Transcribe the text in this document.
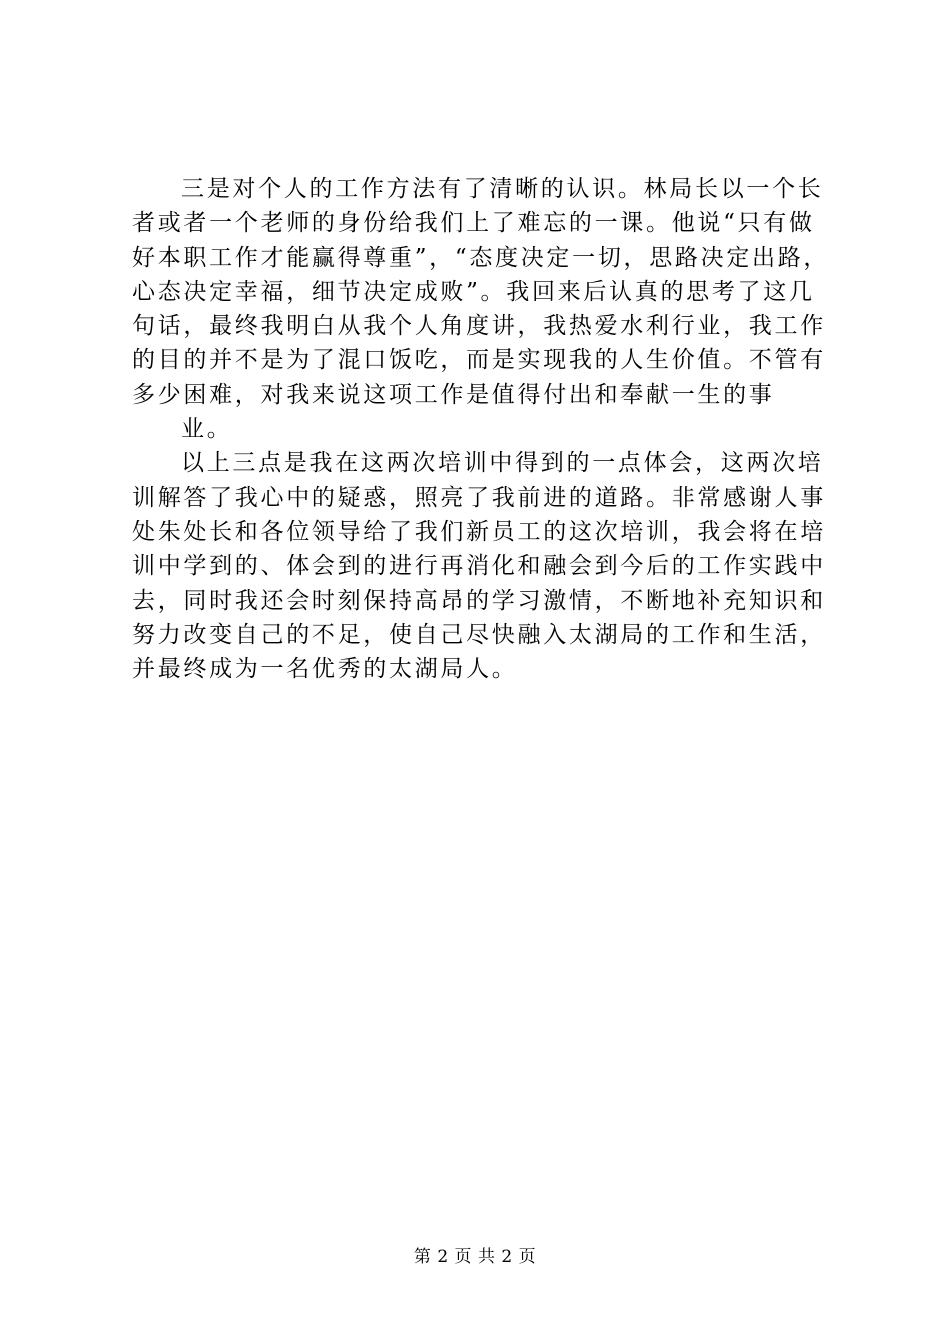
三是对个人的工作方法有了清晰的认识。林局长以一个长
者或者一个老师的身份给我们上了难忘的一课。他说“只有做
好本职工作才能赢得尊重”，“态度决定一切，思路决定出路，
心态决定幸福，细节决定成败”。我回来后认真的思考了这几
句话，最终我明白从我个人角度讲，我热爱水利行业，我工作
的目的并不是为了混口饭吃，而是实现我的人生价值。不管有
多少困难，对我来说这项工作是值得付出和奉献一生的事
业。
以上三点是我在这两次培训中得到的一点体会，这两次培
训解答了我心中的疑惑，照亮了我前进的道路。非常感谢人事
处朱处长和各位领导给了我们新员工的这次培训，我会将在培
训中学到的、体会到的进行再消化和融会到今后的工作实践中
去，同时我还会时刻保持高昂的学习激情，不断地补充知识和
努力改变自己的不足，使自己尽快融入太湖局的工作和生活，
并最终成为一名优秀的太湖局人。
第 2 页 共 2 页
